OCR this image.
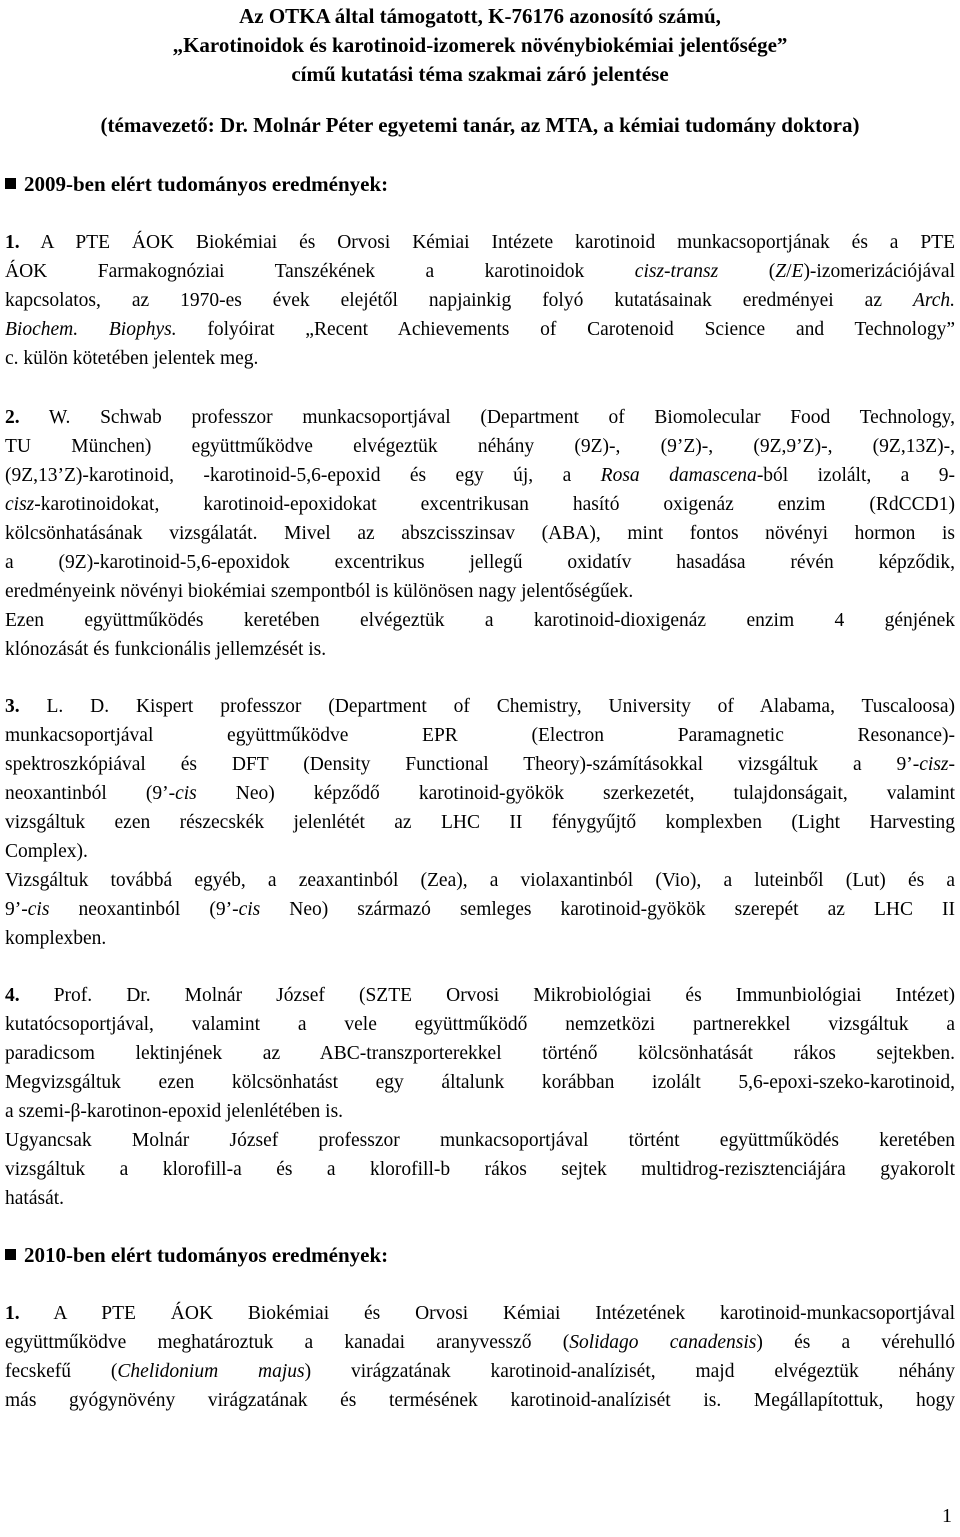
Az OTKA által támogatott, K-76176 azonosító számú,
„Karotinoidok és karotinoid-izomerek növénybiokémiai jelentősége”
című kutatási téma szakmai záró jelentése
(témavezető: Dr. Molnár Péter egyetemi tanár, az MTA, a kémiai tudomány doktora)
2009-ben elért tudományos eredmények:
1. A PTE ÁOK Biokémiai és Orvosi Kémiai Intézete karotinoid munkacsoportjának és a PTE
ÁOK Farmakognóziai Tanszékének a karotinoidok cisz-transz (Z/E)-izomerizációjával
kapcsolatos, az 1970-es évek elejétől napjainkig folyó kutatásainak eredményei az Arch.
Biochem. Biophys. folyóirat „Recent Achievements of Carotenoid Science and Technology”
c. külön kötetében jelentek meg.
2. W. Schwab professzor munkacsoportjával (Department of Biomolecular Food Technology,
TU München) együttműködve elvégeztük néhány (9Z)-, (9’Z)-, (9Z,9’Z)-, (9Z,13Z)-,
(9Z,13’Z)-karotinoid, -karotinoid-5,6-epoxid és egy új, a Rosa damascena-ból izolált, a 9-
cisz-karotinoidokat, karotinoid-epoxidokat excentrikusan hasító oxigenáz enzim (RdCCD1)
kölcsönhatásának vizsgálatát. Mivel az abszcisszinsav (ABA), mint fontos növényi hormon is
a (9Z)-karotinoid-5,6-epoxidok excentrikus jellegű oxidatív hasadása révén képződik,
eredményeink növényi biokémiai szempontból is különösen nagy jelentőségűek.
Ezen együttműködés keretében elvégeztük a karotinoid-dioxigenáz enzim 4 génjének
klónozását és funkcionális jellemzését is.
3. L. D. Kispert professzor (Department of Chemistry, University of Alabama, Tuscaloosa)
munkacsoportjával együttműködve EPR (Electron Paramagnetic Resonance)-
spektroszkópiával és DFT (Density Functional Theory)-számításokkal vizsgáltuk a 9’-cisz-
neoxantinból (9’-cis Neo) képződő karotinoid-gyökök szerkezetét, tulajdonságait, valamint
vizsgáltuk ezen részecskék jelenlétét az LHC II fénygyűjtő komplexben (Light Harvesting
Complex).
Vizsgáltuk továbbá egyéb, a zeaxantinból (Zea), a violaxantinból (Vio), a luteinből (Lut) és a
9’-cis neoxantinból (9’-cis Neo) származó semleges karotinoid-gyökök szerepét az LHC II
komplexben.
4. Prof. Dr. Molnár József (SZTE Orvosi Mikrobiológiai és Immunbiológiai Intézet)
kutatócsoportjával, valamint a vele együttműködő nemzetközi partnerekkel vizsgáltuk a
paradicsom lektinjének az ABC-transzporterekkel történő kölcsönhatását rákos sejtekben.
Megvizsgáltuk ezen kölcsönhatást egy általunk korábban izolált 5,6-epoxi-szeko-karotinoid,
a szemi-β-karotinon-epoxid jelenlétében is.
Ugyancsak Molnár József professzor munkacsoportjával történt együttműködés keretében
vizsgáltuk a klorofill-a és a klorofill-b rákos sejtek multidrog-rezisztenciájára gyakorolt
hatását.
2010-ben elért tudományos eredmények:
1. A PTE ÁOK Biokémiai és Orvosi Kémiai Intézetének karotinoid-munkacsoportjával
együttműködve meghatároztuk a kanadai aranyvessző (Solidago canadensis) és a vérehulló
fecskefű (Chelidonium majus) virágzatának karotinoid-analízisét, majd elvégeztük néhány
más gyógynövény virágzatának és termésének karotinoid-analízisét is. Megállapítottuk, hogy
1
